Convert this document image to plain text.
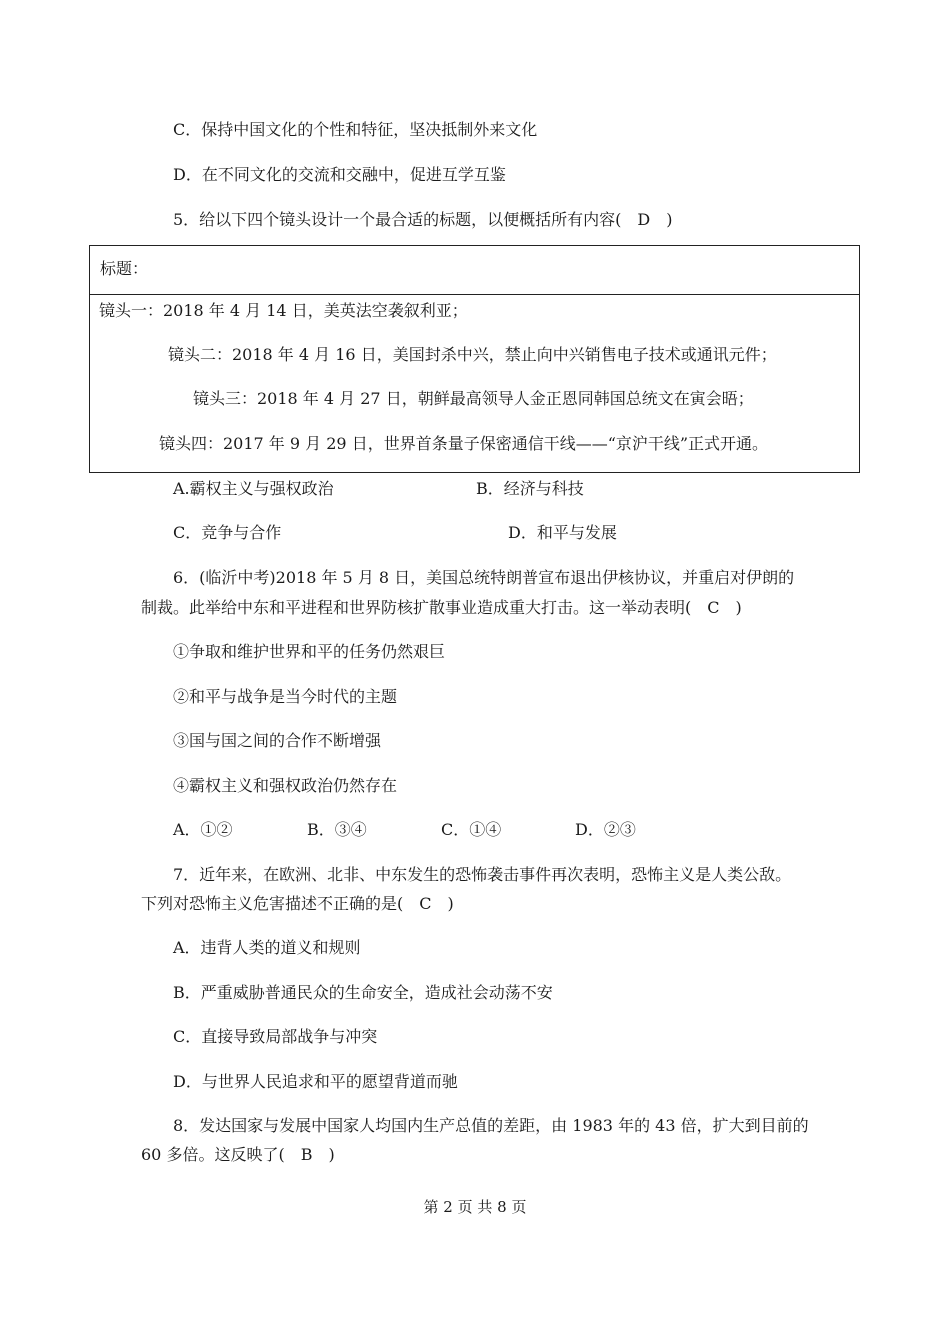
C．保持中国文化的个性和特征，坚决抵制外来文化
D．在不同文化的交流和交融中，促进互学互鉴
5．给以下四个镜头设计一个最合适的标题，以便概括所有内容(　D　)
标题：
镜头一：2018 年 4 月 14 日，美英法空袭叙利亚；
镜头二：2018 年 4 月 16 日，美国封杀中兴，禁止向中兴销售电子技术或通讯元件；
镜头三：2018 年 4 月 27 日，朝鲜最高领导人金正恩同韩国总统文在寅会晤；
镜头四：2017 年 9 月 29 日，世界首条量子保密通信干线——“京沪干线”正式开通。
A.霸权主义与强权政治	B．经济与科技
C．竞争与合作	D．和平与发展
6．(临沂中考)2018 年 5 月 8 日，美国总统特朗普宣布退出伊核协议，并重启对伊朗的
制裁。此举给中东和平进程和世界防核扩散事业造成重大打击。这一举动表明(　C　)
①争取和维护世界和平的任务仍然艰巨
②和平与战争是当今时代的主题
③国与国之间的合作不断增强
④霸权主义和强权政治仍然存在
A．①②	B．③④	C．①④	D．②③
7．近年来，在欧洲、北非、中东发生的恐怖袭击事件再次表明，恐怖主义是人类公敌。
下列对恐怖主义危害描述不正确的是(　C　)
A．违背人类的道义和规则
B．严重威胁普通民众的生命安全，造成社会动荡不安
C．直接导致局部战争与冲突
D．与世界人民追求和平的愿望背道而驰
8．发达国家与发展中国家人均国内生产总值的差距，由 1983 年的 43 倍，扩大到目前的
60 多倍。这反映了(　B　)
第 2 页 共 8 页
